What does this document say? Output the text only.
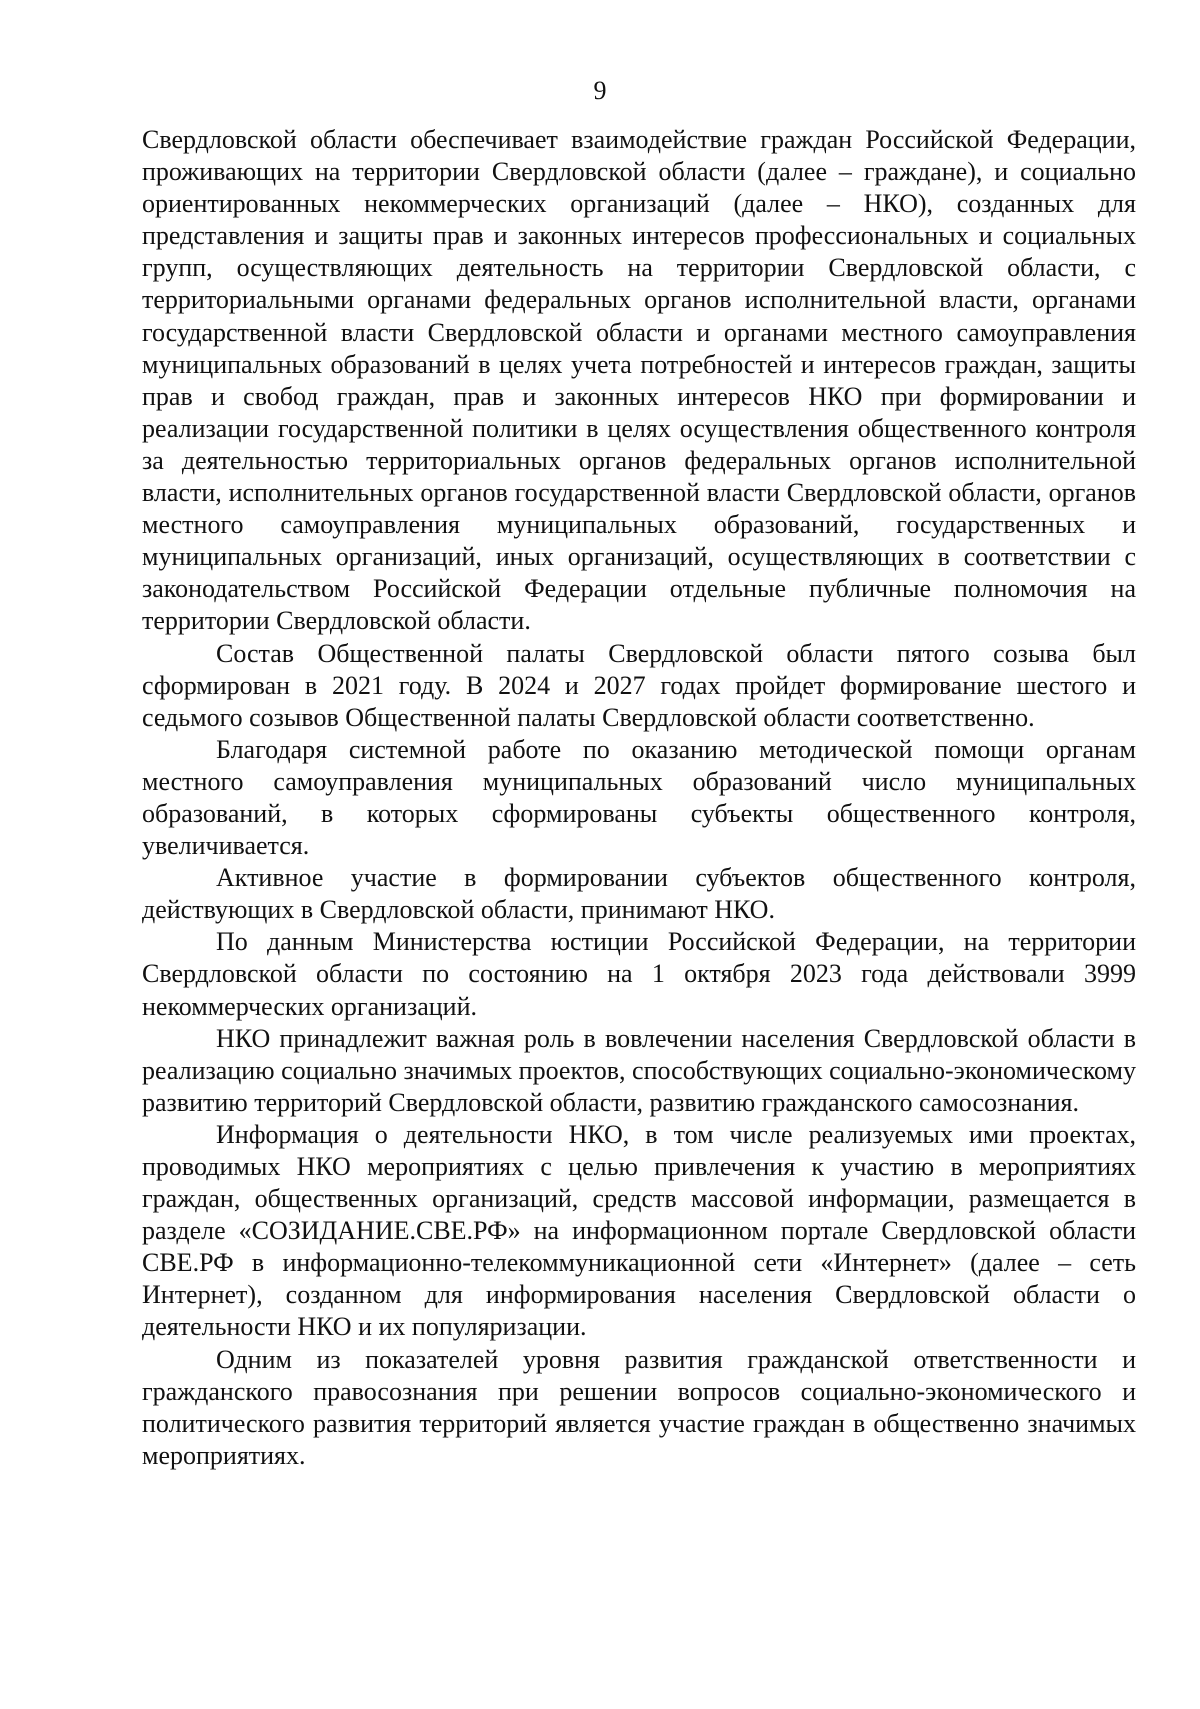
9

Свердловской области обеспечивает взаимодействие граждан Российской Федерации, проживающих на территории Свердловской области (далее – граждане), и социально ориентированных некоммерческих организаций (далее – НКО), созданных для представления и защиты прав и законных интересов профессиональных и социальных групп, осуществляющих деятельность на территории Свердловской области, с территориальными органами федеральных органов исполнительной власти, органами государственной власти Свердловской области и органами местного самоуправления муниципальных образований в целях учета потребностей и интересов граждан, защиты прав и свобод граждан, прав и законных интересов НКО при формировании и реализации государственной политики в целях осуществления общественного контроля за деятельностью территориальных органов федеральных органов исполнительной власти, исполнительных органов государственной власти Свердловской области, органов местного самоуправления муниципальных образований, государственных и муниципальных организаций, иных организаций, осуществляющих в соответствии с законодательством Российской Федерации отдельные публичные полномочия на территории Свердловской области.

Состав Общественной палаты Свердловской области пятого созыва был сформирован в 2021 году. В 2024 и 2027 годах пройдет формирование шестого и седьмого созывов Общественной палаты Свердловской области соответственно.

Благодаря системной работе по оказанию методической помощи органам местного самоуправления муниципальных образований число муниципальных образований, в которых сформированы субъекты общественного контроля, увеличивается.

Активное участие в формировании субъектов общественного контроля, действующих в Свердловской области, принимают НКО.

По данным Министерства юстиции Российской Федерации, на территории Свердловской области по состоянию на 1 октября 2023 года действовали 3999 некоммерческих организаций.

НКО принадлежит важная роль в вовлечении населения Свердловской области в реализацию социально значимых проектов, способствующих социально-экономическому развитию территорий Свердловской области, развитию гражданского самосознания.

Информация о деятельности НКО, в том числе реализуемых ими проектах, проводимых НКО мероприятиях с целью привлечения к участию в мероприятиях граждан, общественных организаций, средств массовой информации, размещается в разделе «СОЗИДАНИЕ.СВЕ.РФ» на информационном портале Свердловской области СВЕ.РФ в информационно-телекоммуникационной сети «Интернет» (далее – сеть Интернет), созданном для информирования населения Свердловской области о деятельности НКО и их популяризации.

Одним из показателей уровня развития гражданской ответственности и гражданского правосознания при решении вопросов социально-экономического и политического развития территорий является участие граждан в общественно значимых мероприятиях.
